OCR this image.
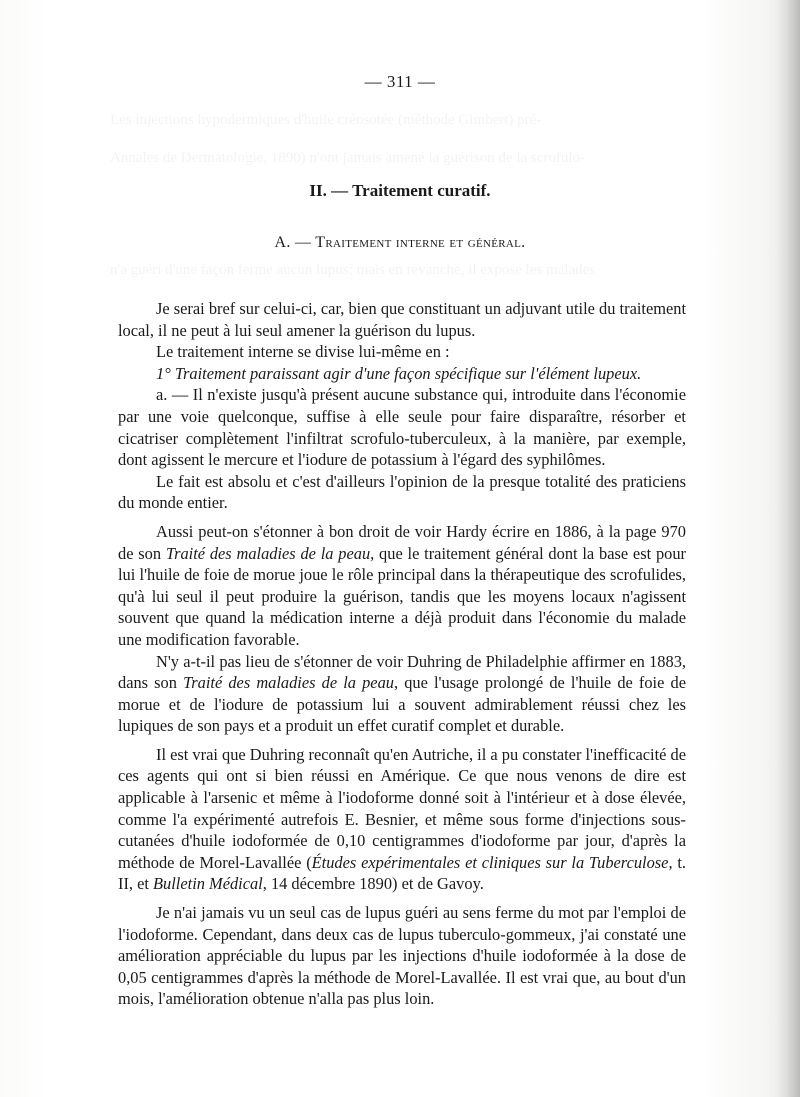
Les injections hypodermiques d'huile créosotée (méthode Gimbert) pré-
Annales de Dermatologie, 1890) n'ont jamais amené la guérison de la scrofulo-
n'a guéri d'une façon ferme aucun lupus; mais en revanche, il expose les malades
— 311 —
II. — Traitement curatif.
A. — Traitement interne et général.

Je serai bref sur celui-ci, car, bien que constituant un adjuvant utile du traitement local, il ne peut à lui seul amener la guérison du lupus.

Le traitement interne se divise lui-même en :

1° Traitement paraissant agir d'une façon spécifique sur l'élément lupeux.

a. — Il n'existe jusqu'à présent aucune substance qui, introduite dans l'économie par une voie quelconque, suffise à elle seule pour faire disparaître, résorber et cicatriser complètement l'infiltrat scrofulo-tuberculeux, à la manière, par exemple, dont agissent le mercure et l'iodure de potassium à l'égard des syphilômes.

Le fait est absolu et c'est d'ailleurs l'opinion de la presque totalité des praticiens du monde entier.

Aussi peut-on s'étonner à bon droit de voir Hardy écrire en 1886, à la page 970 de son Traité des maladies de la peau, que le traitement général dont la base est pour lui l'huile de foie de morue joue le rôle principal dans la thérapeutique des scrofulides, qu'à lui seul il peut produire la guérison, tandis que les moyens locaux n'agissent souvent que quand la médication interne a déjà produit dans l'économie du malade une modification favorable.

N'y a-t-il pas lieu de s'étonner de voir Duhring de Philadelphie affirmer en 1883, dans son Traité des maladies de la peau, que l'usage prolongé de l'huile de foie de morue et de l'iodure de potassium lui a souvent admirablement réussi chez les lupiques de son pays et a produit un effet curatif complet et durable.

Il est vrai que Duhring reconnaît qu'en Autriche, il a pu constater l'inefficacité de ces agents qui ont si bien réussi en Amérique. Ce que nous venons de dire est applicable à l'arsenic et même à l'iodoforme donné soit à l'intérieur et à dose élevée, comme l'a expérimenté autrefois E. Besnier, et même sous forme d'injections sous-cutanées d'huile iodoformée de 0,10 centigrammes d'iodoforme par jour, d'après la méthode de Morel-Lavallée (Études expérimentales et cliniques sur la Tuberculose, t. II, et Bulletin Médical, 14 décembre 1890) et de Gavoy.

Je n'ai jamais vu un seul cas de lupus guéri au sens ferme du mot par l'emploi de l'iodoforme. Cependant, dans deux cas de lupus tuberculo-gommeux, j'ai constaté une amélioration appréciable du lupus par les injections d'huile iodoformée à la dose de 0,05 centigrammes d'après la méthode de Morel-Lavallée. Il est vrai que, au bout d'un mois, l'amélioration obtenue n'alla pas plus loin.
